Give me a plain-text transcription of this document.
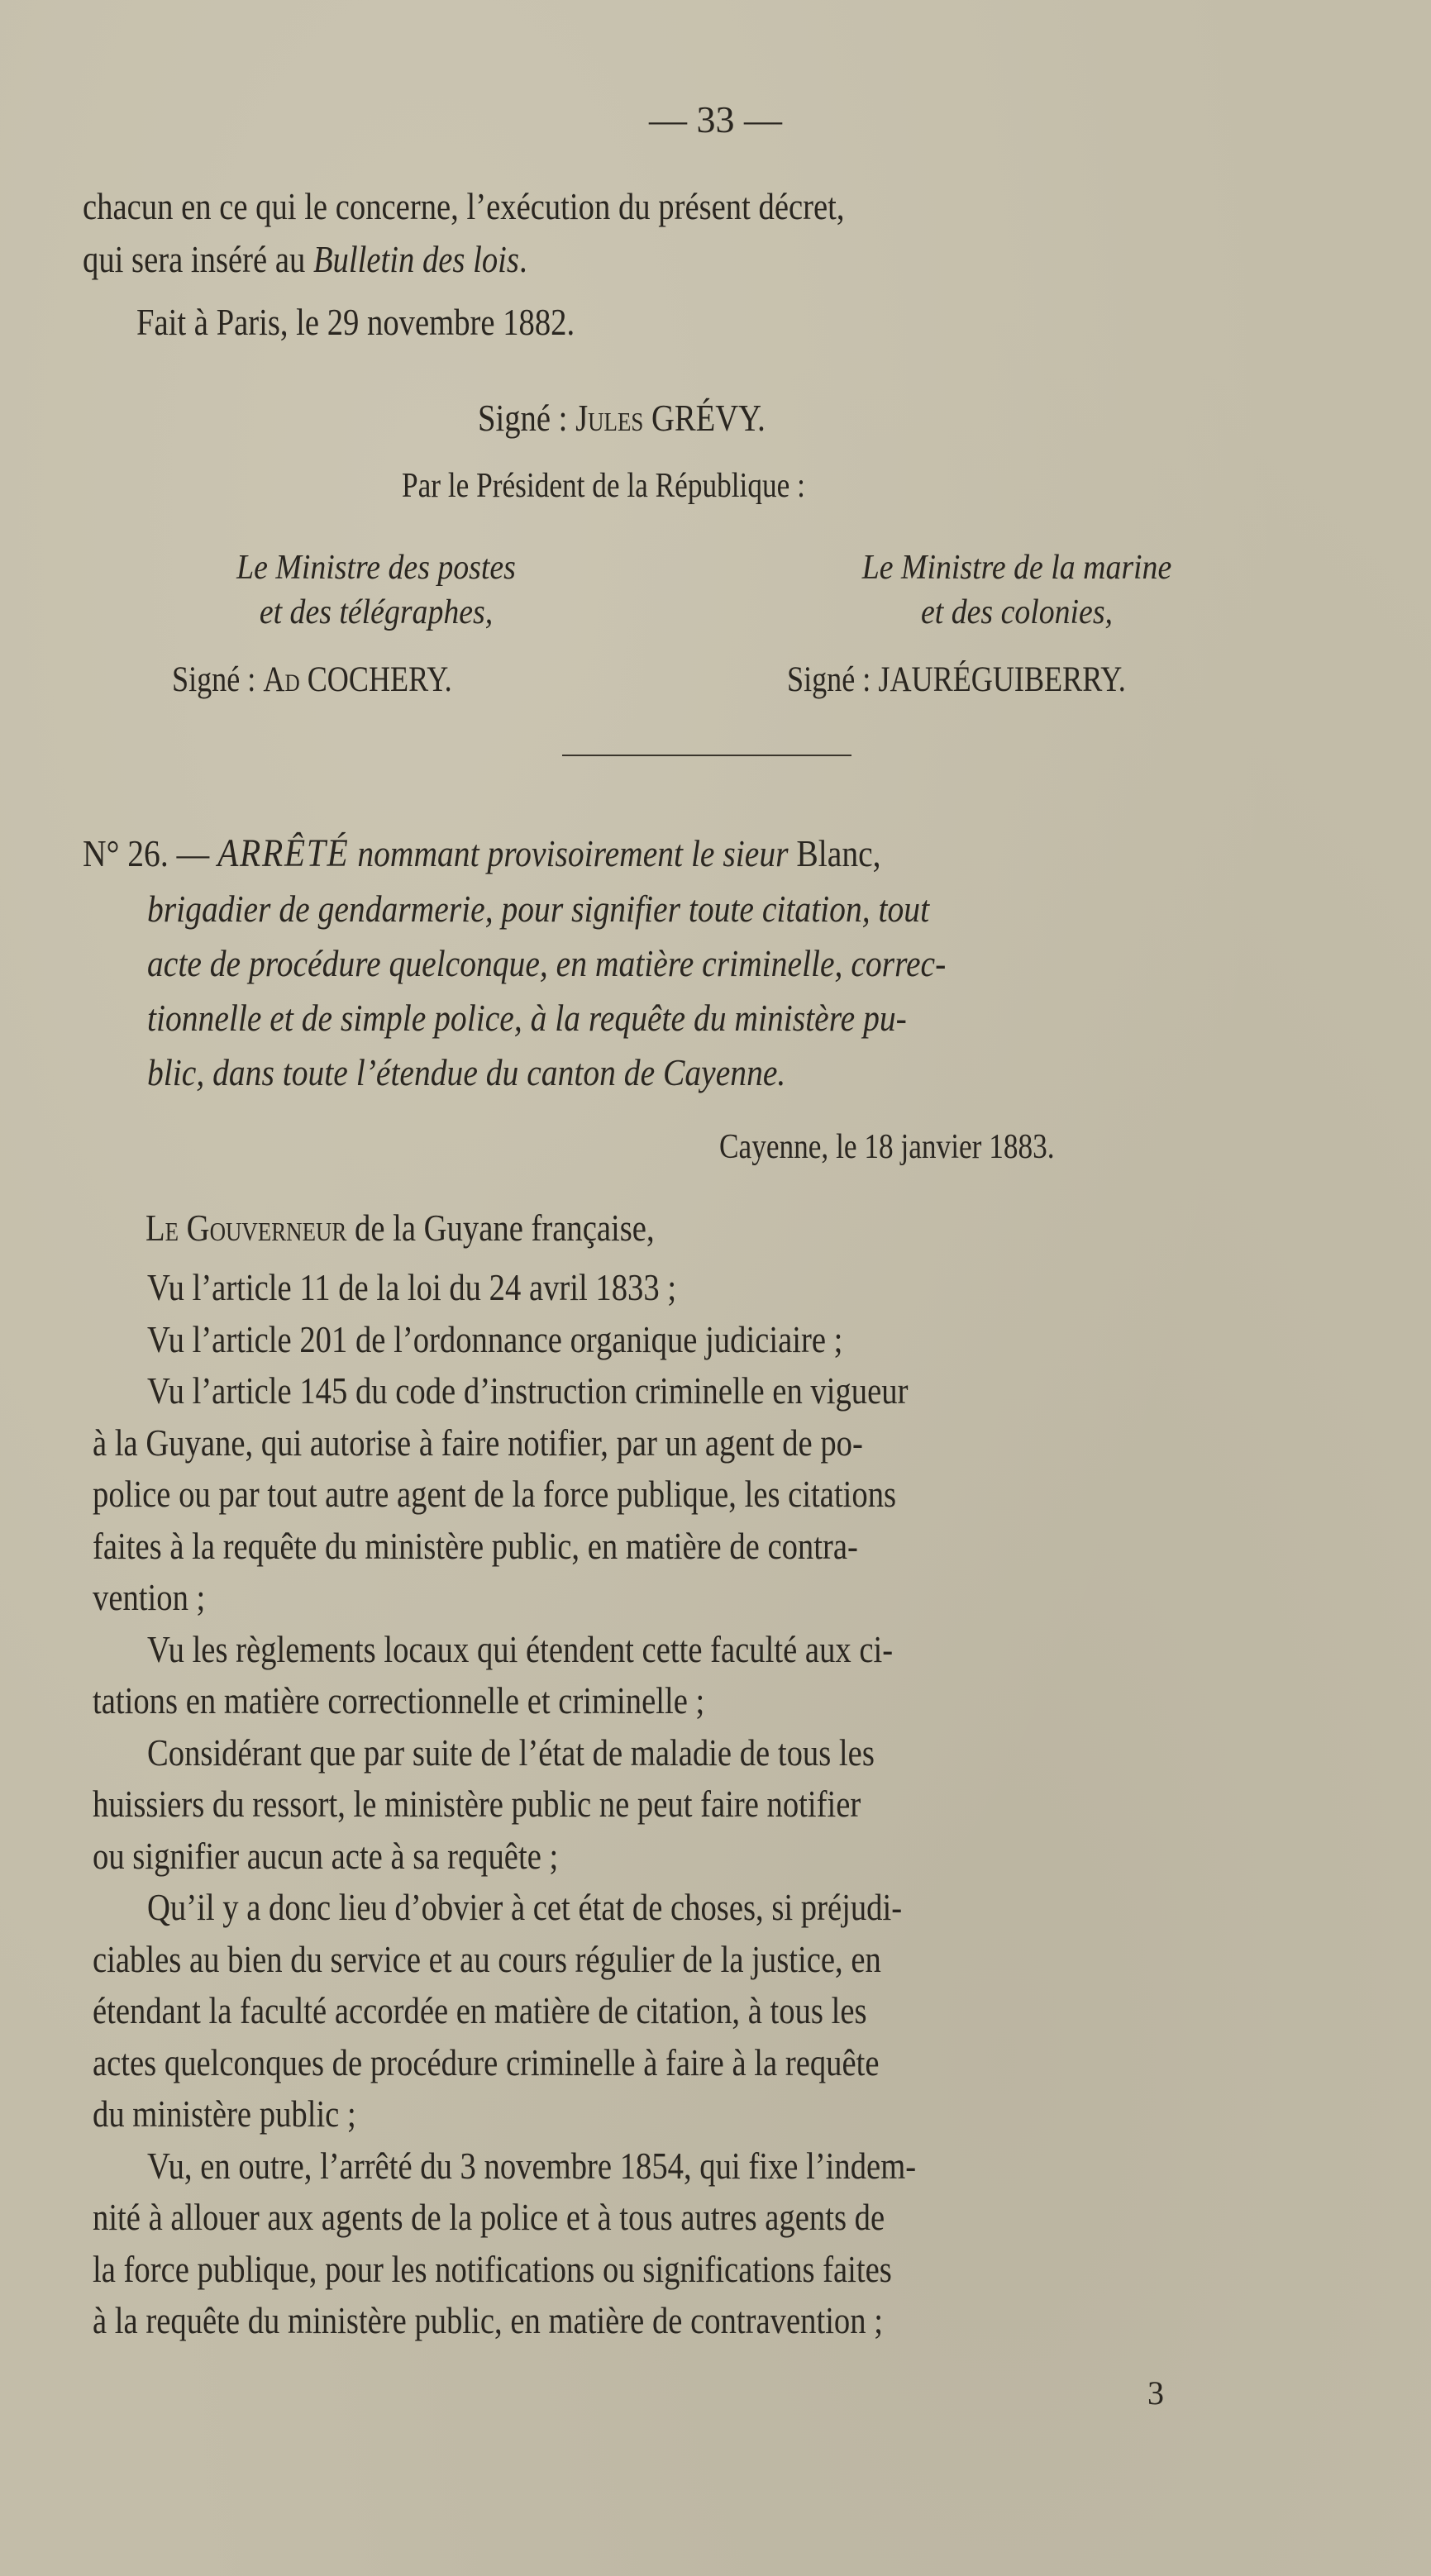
— 33 —
chacun en ce qui le concerne, l’exécution du présent décret,
qui sera inséré au Bulletin des lois.
Fait à Paris, le 29 novembre 1882.
Signé : Jules GRÉVY.
Par le Président de la République :
Le Ministre des postes
et des télégraphes,
Signé : Ad COCHERY.
Le Ministre de la marine
et des colonies,
Signé : JAURÉGUIBERRY.
N° 26. — ARRÊTÉ nommant provisoirement le sieur Blanc,
brigadier de gendarmerie, pour signifier toute citation, tout
acte de procédure quelconque, en matière criminelle, correc-
tionnelle et de simple police, à la requête du ministère pu-
blic, dans toute l’étendue du canton de Cayenne.
Cayenne, le 18 janvier 1883.
Le Gouverneur de la Guyane française,
Vu l’article 11 de la loi du 24 avril 1833 ;
Vu l’article 201 de l’ordonnance organique judiciaire ;
Vu l’article 145 du code d’instruction criminelle en vigueur
à la Guyane, qui autorise à faire notifier, par un agent de po-
police ou par tout autre agent de la force publique, les citations
faites à la requête du ministère public, en matière de contra-
vention ;
Vu les règlements locaux qui étendent cette faculté aux ci-
tations en matière correctionnelle et criminelle ;
Considérant que par suite de l’état de maladie de tous les
huissiers du ressort, le ministère public ne peut faire notifier
ou signifier aucun acte à sa requête ;
Qu’il y a donc lieu d’obvier à cet état de choses, si préjudi-
ciables au bien du service et au cours régulier de la justice, en
étendant la faculté accordée en matière de citation, à tous les
actes quelconques de procédure criminelle à faire à la requête
du ministère public ;
Vu, en outre, l’arrêté du 3 novembre 1854, qui fixe l’indem-
nité à allouer aux agents de la police et à tous autres agents de
la force publique, pour les notifications ou significations faites
à la requête du ministère public, en matière de contravention ;
3
